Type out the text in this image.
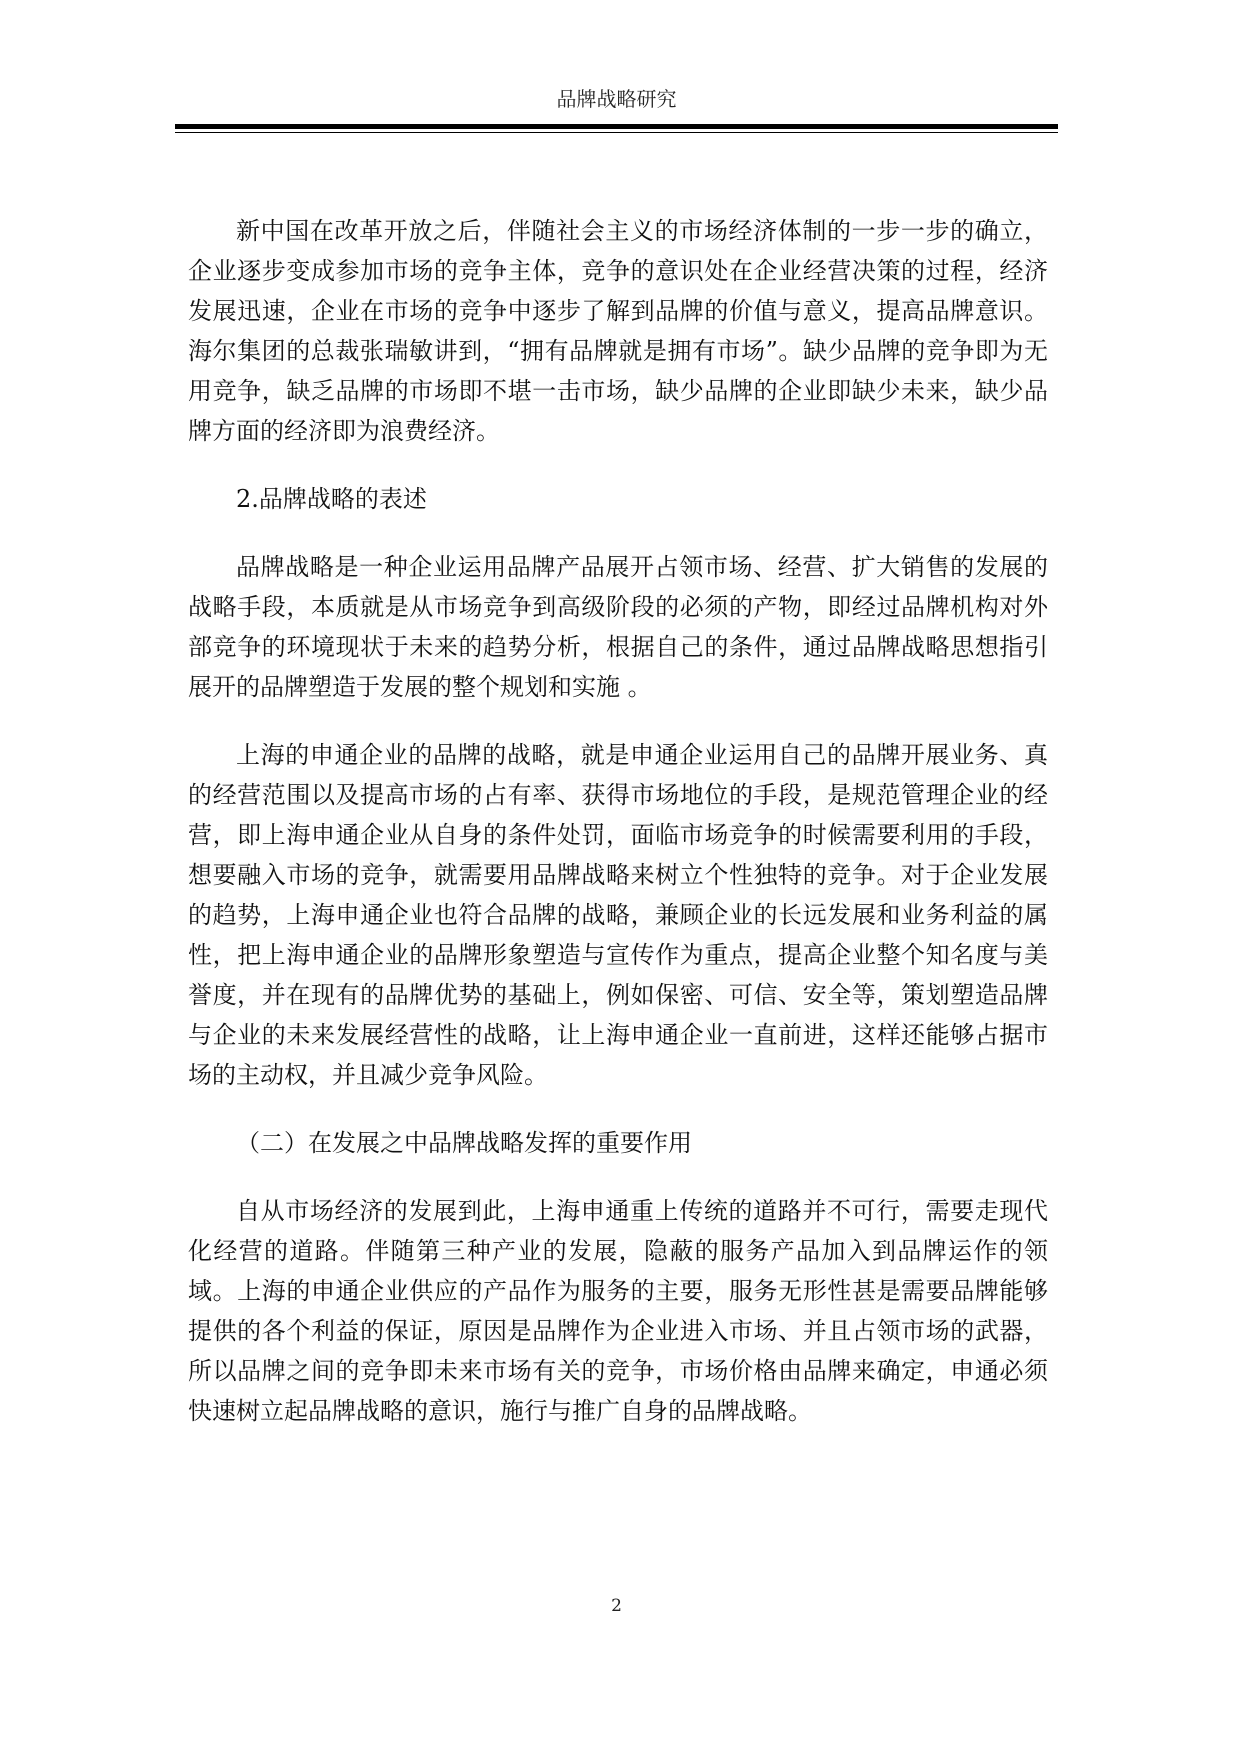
品牌战略研究

新中国在改革开放之后，伴随社会主义的市场经济体制的一步一步的确立，企业逐步变成参加市场的竞争主体，竞争的意识处在企业经营决策的过程，经济发展迅速，企业在市场的竞争中逐步了解到品牌的价值与意义，提高品牌意识。海尔集团的总裁张瑞敏讲到，“拥有品牌就是拥有市场”。缺少品牌的竞争即为无用竞争，缺乏品牌的市场即不堪一击市场，缺少品牌的企业即缺少未来，缺少品牌方面的经济即为浪费经济。

2.品牌战略的表述

品牌战略是一种企业运用品牌产品展开占领市场、经营、扩大销售的发展的战略手段，本质就是从市场竞争到高级阶段的必须的产物，即经过品牌机构对外部竞争的环境现状于未来的趋势分析，根据自己的条件，通过品牌战略思想指引展开的品牌塑造于发展的整个规划和实施 。

上海的申通企业的品牌的战略，就是申通企业运用自己的品牌开展业务、真的经营范围以及提高市场的占有率、获得市场地位的手段，是规范管理企业的经营，即上海申通企业从自身的条件处罚，面临市场竞争的时候需要利用的手段，想要融入市场的竞争，就需要用品牌战略来树立个性独特的竞争。对于企业发展的趋势，上海申通企业也符合品牌的战略，兼顾企业的长远发展和业务利益的属性，把上海申通企业的品牌形象塑造与宣传作为重点，提高企业整个知名度与美誉度，并在现有的品牌优势的基础上，例如保密、可信、安全等，策划塑造品牌与企业的未来发展经营性的战略，让上海申通企业一直前进，这样还能够占据市场的主动权，并且减少竞争风险。

（二）在发展之中品牌战略发挥的重要作用

自从市场经济的发展到此，上海申通重上传统的道路并不可行，需要走现代化经营的道路。伴随第三种产业的发展，隐蔽的服务产品加入到品牌运作的领域。上海的申通企业供应的产品作为服务的主要，服务无形性甚是需要品牌能够提供的各个利益的保证，原因是品牌作为企业进入市场、并且占领市场的武器，所以品牌之间的竞争即未来市场有关的竞争，市场价格由品牌来确定，申通必须快速树立起品牌战略的意识，施行与推广自身的品牌战略。

2
